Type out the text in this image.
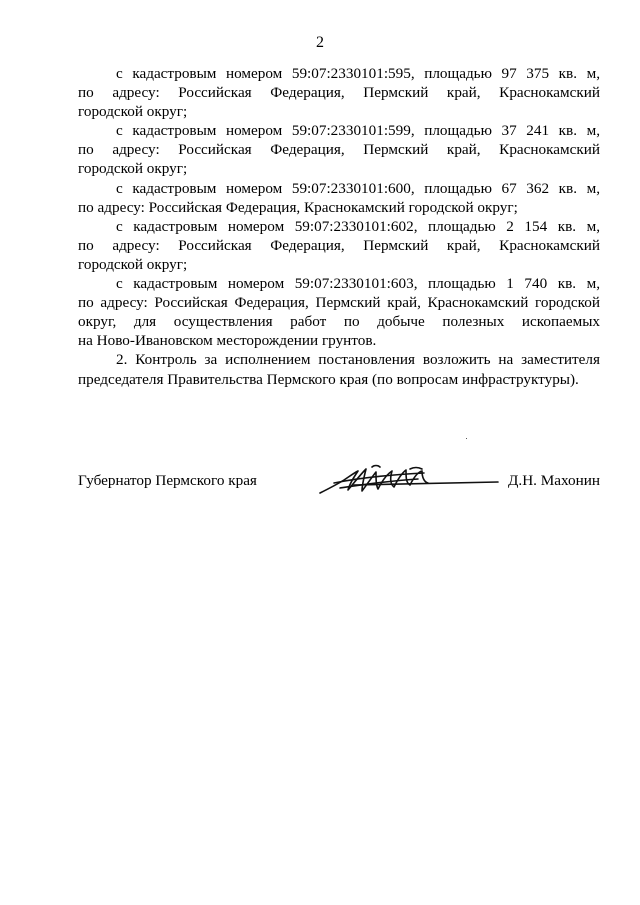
2
с кадастровым номером 59:07:2330101:595, площадью 97 375 кв. м,
по адресу: Российская Федерация, Пермский край, Краснокамский
городской округ;
с кадастровым номером 59:07:2330101:599, площадью 37 241 кв. м,
по адресу: Российская Федерация, Пермский край, Краснокамский
городской округ;
с кадастровым номером 59:07:2330101:600, площадью 67 362 кв. м,
по адресу: Российская Федерация, Краснокамский городской округ;
с кадастровым номером 59:07:2330101:602, площадью 2 154 кв. м,
по адресу: Российская Федерация, Пермский край, Краснокамский
городской округ;
с кадастровым номером 59:07:2330101:603, площадью 1 740 кв. м,
по адресу: Российская Федерация, Пермский край, Краснокамский городской
округ, для осуществления работ по добыче полезных ископаемых
на Ново-Ивановском месторождении грунтов.
2. Контроль за исполнением постановления возложить на заместителя
председателя Правительства Пермского края (по вопросам инфраструктуры).
Губернатор Пермского края	Д.Н. Махонин
